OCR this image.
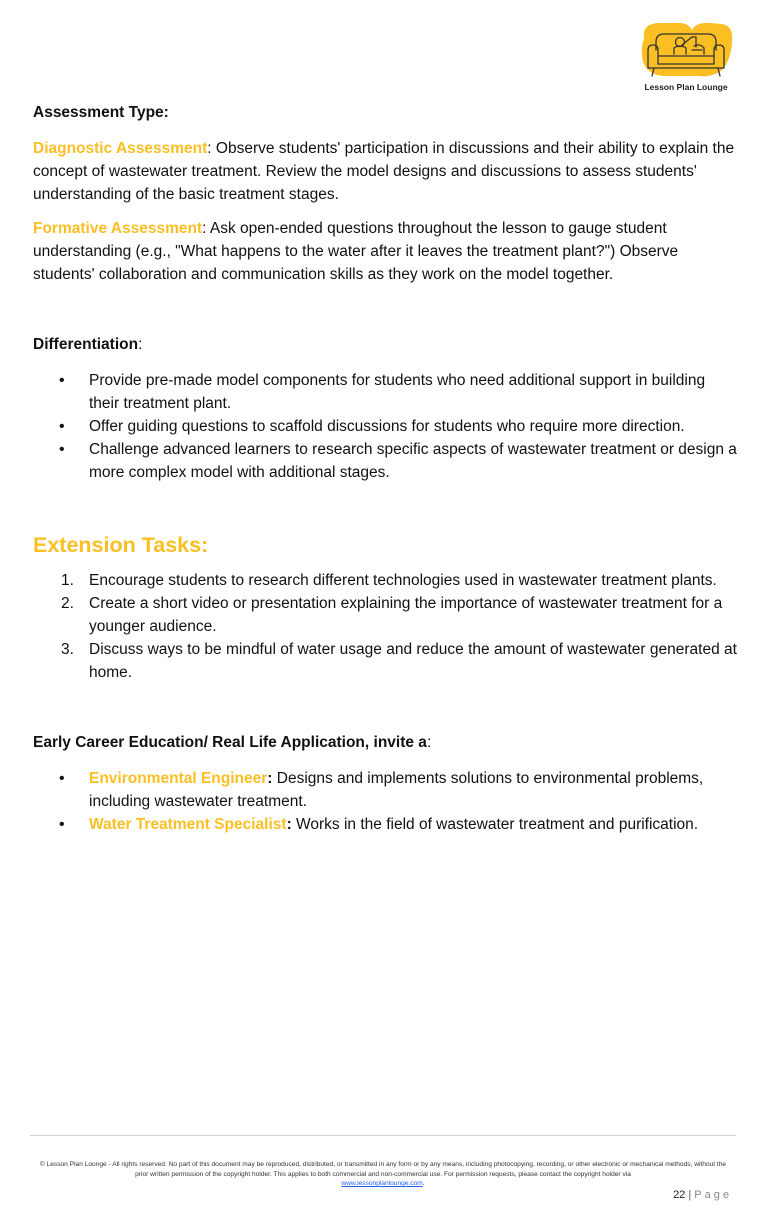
Lesson Plan Lounge
Assessment Type:

Diagnostic Assessment: Observe students' participation in discussions and their ability to explain the concept of wastewater treatment. Review the model designs and discussions to assess students' understanding of the basic treatment stages.

Formative Assessment: Ask open-ended questions throughout the lesson to gauge student understanding (e.g., "What happens to the water after it leaves the treatment plant?") Observe students' collaboration and communication skills as they work on the model together.

Differentiation:

• Provide pre-made model components for students who need additional support in building their treatment plant.
• Offer guiding questions to scaffold discussions for students who require more direction.
• Challenge advanced learners to research specific aspects of wastewater treatment or design a more complex model with additional stages.
Extension Tasks:
1. Encourage students to research different technologies used in wastewater treatment plants.
2. Create a short video or presentation explaining the importance of wastewater treatment for a younger audience.
3. Discuss ways to be mindful of water usage and reduce the amount of wastewater generated at home.

Early Career Education/ Real Life Application, invite a:

• Environmental Engineer: Designs and implements solutions to environmental problems, including wastewater treatment.
• Water Treatment Specialist: Works in the field of wastewater treatment and purification.
© Lesson Plan Lounge - All rights reserved. No part of this document may be reproduced, distributed, or transmitted in any form or by any means, including photocopying, recording, or other electronic or mechanical methods, without the prior written permission of the copyright holder. This applies to both commercial and non-commercial use. For permission requests, please contact the copyright holder via
www.lessonplanlounge.com.
22 | Page
